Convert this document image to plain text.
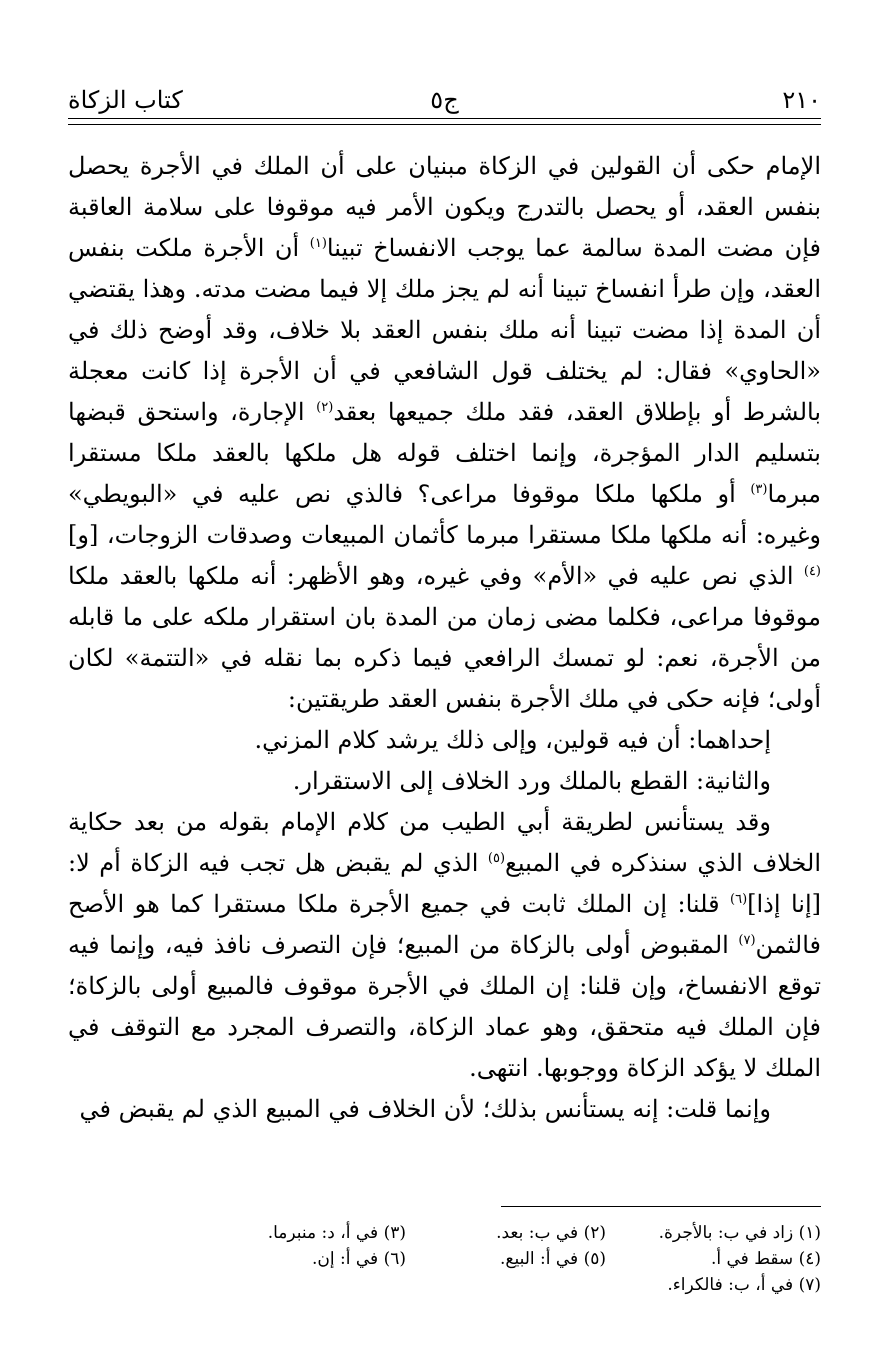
٢١٠
ج٥
كتاب الزكاة

الإمام حكى أن القولين في الزكاة مبنيان على أن الملك في الأجرة يحصل بنفس العقد، أو يحصل بالتدرج ويكون الأمر فيه موقوفا على سلامة العاقبة فإن مضت المدة سالمة عما يوجب الانفساخ تبينا$^{(١)}$ أن الأجرة ملكت بنفس العقد، وإن طرأ انفساخ تبينا أنه لم يجز ملك إلا فيما مضت مدته. وهذا يقتضي أن المدة إذا مضت تبينا أنه ملك بنفس العقد بلا خلاف، وقد أوضح ذلك في «الحاوي» فقال: لم يختلف قول الشافعي في أن الأجرة إذا كانت معجلة بالشرط أو بإطلاق العقد، فقد ملك جميعها بعقد$^{(٢)}$ الإجارة، واستحق قبضها بتسليم الدار المؤجرة، وإنما اختلف قوله هل ملكها بالعقد ملكا مستقرا مبرما$^{(٣)}$ أو ملكها ملكا موقوفا مراعى؟ فالذي نص عليه في «البويطي» وغيره: أنه ملكها ملكا مستقرا مبرما كأثمان المبيعات وصدقات الزوجات، [و]$^{(٤)}$ الذي نص عليه في «الأم» وفي غيره، وهو الأظهر: أنه ملكها بالعقد ملكا موقوفا مراعى، فكلما مضى زمان من المدة بان استقرار ملكه على ما قابله من الأجرة، نعم: لو تمسك الرافعي فيما ذكره بما نقله في «التتمة» لكان أولى؛ فإنه حكى في ملك الأجرة بنفس العقد طريقتين:

إحداهما: أن فيه قولين، وإلى ذلك يرشد كلام المزني.

والثانية: القطع بالملك ورد الخلاف إلى الاستقرار.

وقد يستأنس لطريقة أبي الطيب من كلام الإمام بقوله من بعد حكاية الخلاف الذي سنذكره في المبيع$^{(٥)}$ الذي لم يقبض هل تجب فيه الزكاة أم لا: [إنا إذا]$^{(٦)}$ قلنا: إن الملك ثابت في جميع الأجرة ملكا مستقرا كما هو الأصح فالثمن$^{(٧)}$ المقبوض أولى بالزكاة من المبيع؛ فإن التصرف نافذ فيه، وإنما فيه توقع الانفساخ، وإن قلنا: إن الملك في الأجرة موقوف فالمبيع أولى بالزكاة؛ فإن الملك فيه متحقق، وهو عماد الزكاة، والتصرف المجرد مع التوقف في الملك لا يؤكد الزكاة ووجوبها. انتهى.

وإنما قلت: إنه يستأنس بذلك؛ لأن الخلاف في المبيع الذي لم يقبض في

(١) زاد في ب: بالأجرة.
(٢) في ب: بعد.
(٣) في أ، د: منبرما.
(٤) سقط في أ.
(٥) في أ: البيع.
(٦) في أ: إن.
(٧) في أ، ب: فالكراء.
